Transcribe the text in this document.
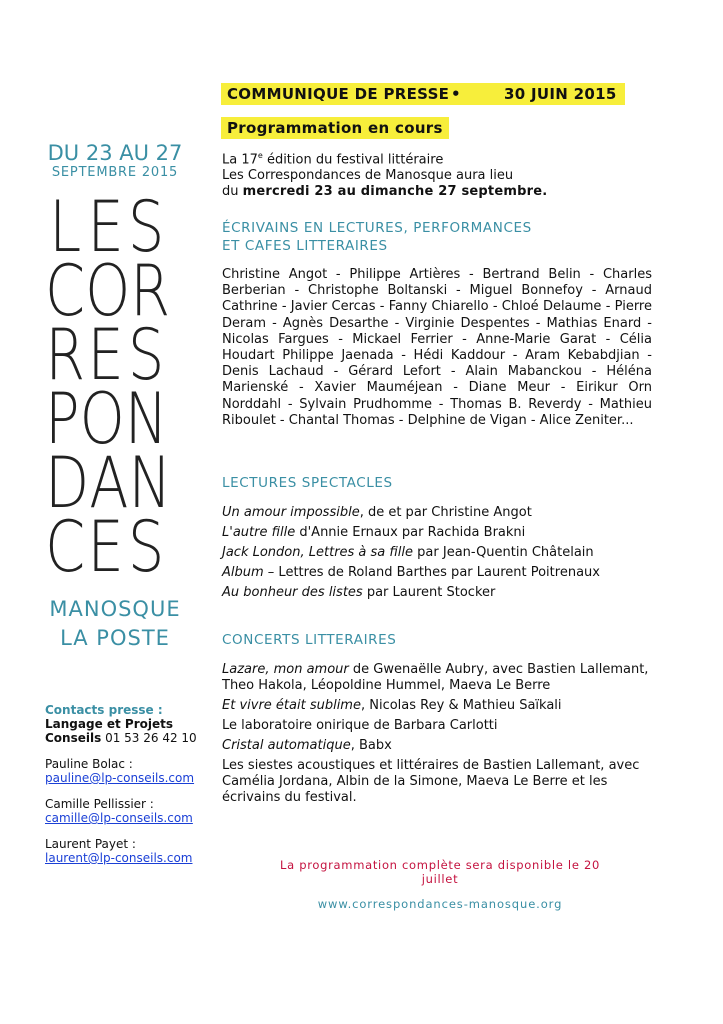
COMMUNIQUE DE PRESSE •	30 JUIN 2015
Programmation en cours
DU 23 AU 27
SEPTEMBRE 2015
L E S
C O R
R E S
P O N
D A N
C E S
MANOSQUE
LA POSTE
Contacts presse :
Langage et Projets
Conseils 01 53 26 42 10
Pauline Bolac :
pauline@lp-conseils.com
Camille Pellissier :
camille@lp-conseils.com
Laurent Payet :
laurent@lp-conseils.com
La 17e édition du festival littéraire
Les Correspondances de Manosque aura lieu
du mercredi 23 au dimanche 27 septembre.
ÉCRIVAINS EN LECTURES, PERFORMANCES
ET CAFES LITTERAIRES
Christine Angot - Philippe Artières - Bertrand Belin - Charles Berberian - Christophe Boltanski - Miguel Bonnefoy - Arnaud Cathrine - Javier Cercas - Fanny Chiarello - Chloé Delaume - Pierre Deram - Agnès Desarthe - Virginie Despentes - Mathias Enard - Nicolas Fargues - Mickael Ferrier - Anne-Marie Garat - Célia Houdart Philippe Jaenada - Hédi Kaddour - Aram Kebabdjian - Denis Lachaud - Gérard Lefort - Alain Mabanckou - Héléna Marienské - Xavier Mauméjean - Diane Meur - Eirikur Orn Norddahl - Sylvain Prudhomme - Thomas B. Reverdy - Mathieu Riboulet - Chantal Thomas - Delphine de Vigan - Alice Zeniter...
LECTURES SPECTACLES
Un amour impossible, de et par Christine Angot
L'autre fille d'Annie Ernaux par Rachida Brakni
Jack London, Lettres à sa fille par Jean-Quentin Châtelain
Album – Lettres de Roland Barthes par Laurent Poitrenaux
Au bonheur des listes par Laurent Stocker
CONCERTS LITTERAIRES
Lazare, mon amour de Gwenaëlle Aubry, avec Bastien Lallemant, Theo Hakola, Léopoldine Hummel, Maeva Le Berre
Et vivre était sublime, Nicolas Rey & Mathieu Saïkali
Le laboratoire onirique de Barbara Carlotti
Cristal automatique, Babx
Les siestes acoustiques et littéraires de Bastien Lallemant, avec Camélia Jordana, Albin de la Simone, Maeva Le Berre et les écrivains du festival.
La programmation complète sera disponible le 20 juillet
www.correspondances-manosque.org
